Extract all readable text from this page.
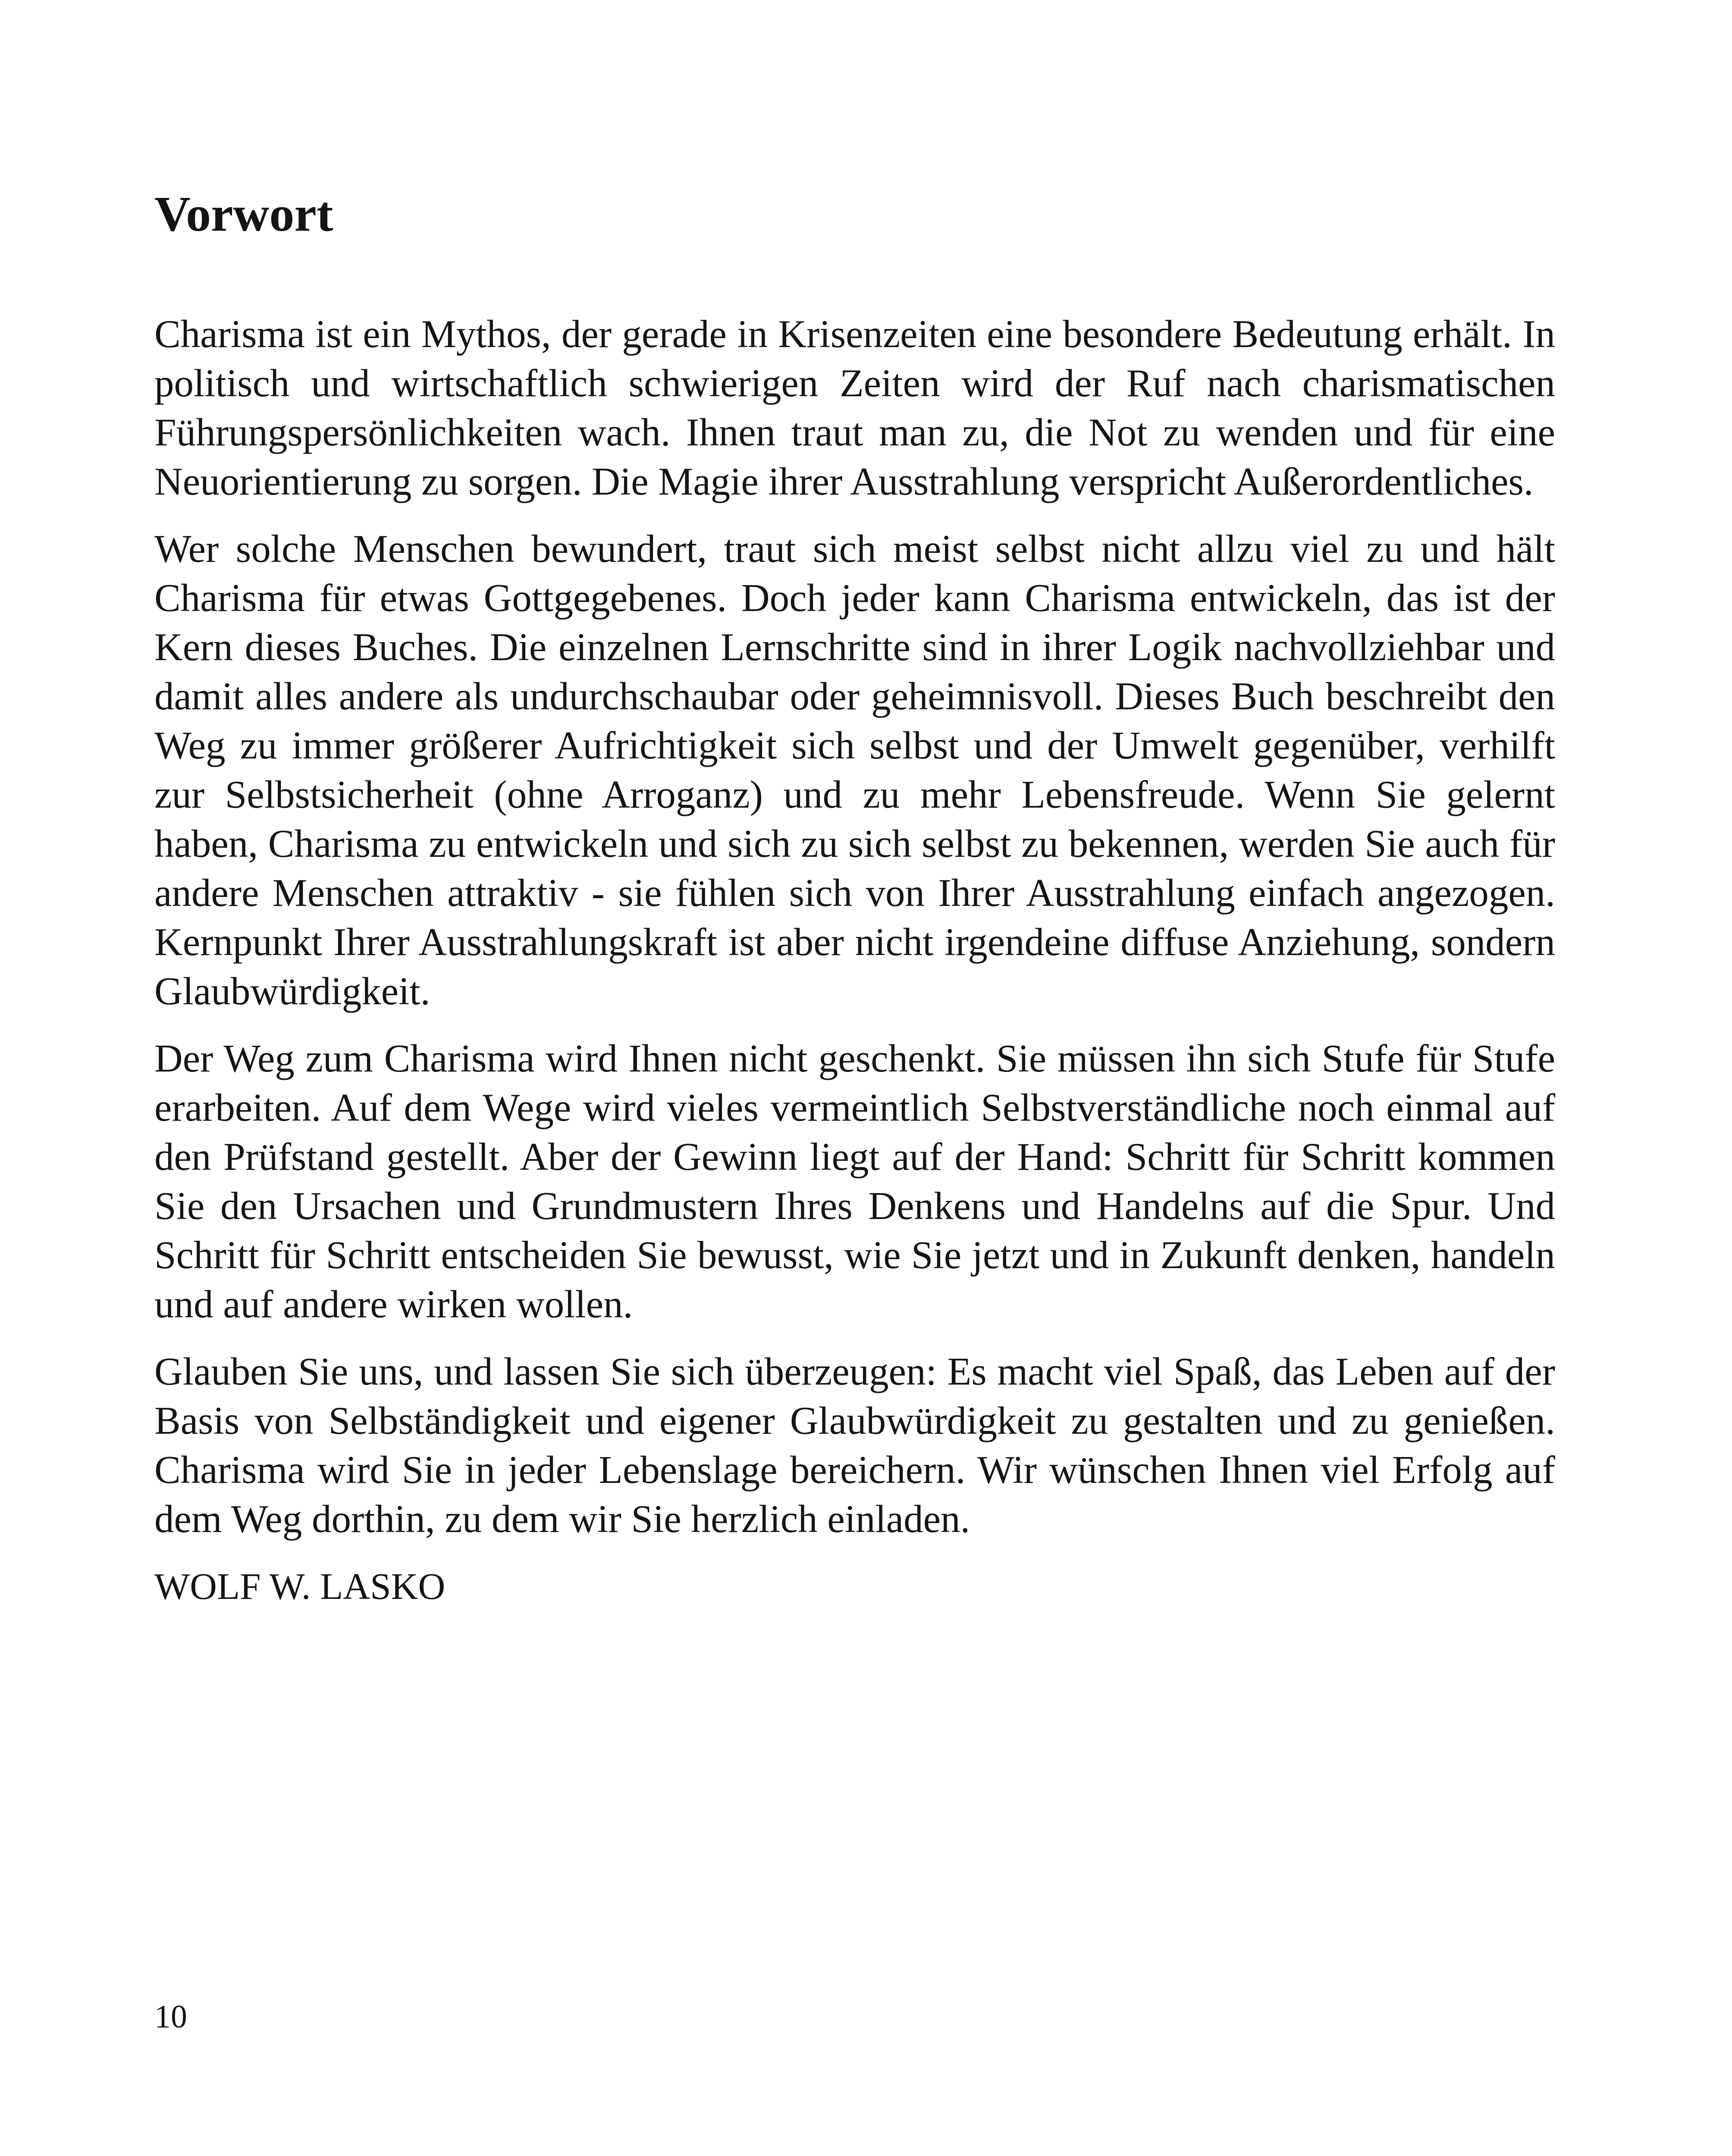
Vorwort

Charisma ist ein Mythos, der gerade in Krisenzeiten eine besondere Bedeutung erhält. In politisch und wirtschaftlich schwierigen Zeiten wird der Ruf nach charismatischen Führungspersönlichkeiten wach. Ihnen traut man zu, die Not zu wenden und für eine Neuorientierung zu sorgen. Die Magie ihrer Ausstrahlung verspricht Außerordentliches.

Wer solche Menschen bewundert, traut sich meist selbst nicht allzu viel zu und hält Charisma für etwas Gottgegebenes. Doch jeder kann Charisma entwickeln, das ist der Kern dieses Buches. Die einzelnen Lernschritte sind in ihrer Logik nachvollziehbar und damit alles andere als undurchschaubar oder geheimnisvoll. Dieses Buch beschreibt den Weg zu immer größerer Aufrichtigkeit sich selbst und der Umwelt gegenüber, verhilft zur Selbstsicherheit (ohne Arroganz) und zu mehr Lebensfreude. Wenn Sie gelernt haben, Charisma zu entwickeln und sich zu sich selbst zu bekennen, werden Sie auch für andere Menschen attraktiv - sie fühlen sich von Ihrer Ausstrahlung einfach angezogen. Kernpunkt Ihrer Ausstrahlungskraft ist aber nicht irgendeine diffuse Anziehung, sondern Glaubwürdigkeit.

Der Weg zum Charisma wird Ihnen nicht geschenkt. Sie müssen ihn sich Stufe für Stufe erarbeiten. Auf dem Wege wird vieles vermeintlich Selbstverständliche noch einmal auf den Prüfstand gestellt. Aber der Gewinn liegt auf der Hand: Schritt für Schritt kommen Sie den Ursachen und Grundmustern Ihres Denkens und Handelns auf die Spur. Und Schritt für Schritt entscheiden Sie bewusst, wie Sie jetzt und in Zukunft denken, handeln und auf andere wirken wollen.

Glauben Sie uns, und lassen Sie sich überzeugen: Es macht viel Spaß, das Leben auf der Basis von Selbständigkeit und eigener Glaubwürdigkeit zu gestalten und zu genießen. Charisma wird Sie in jeder Lebenslage bereichern. Wir wünschen Ihnen viel Erfolg auf dem Weg dorthin, zu dem wir Sie herzlich einladen.

WOLF W. LASKO

10
